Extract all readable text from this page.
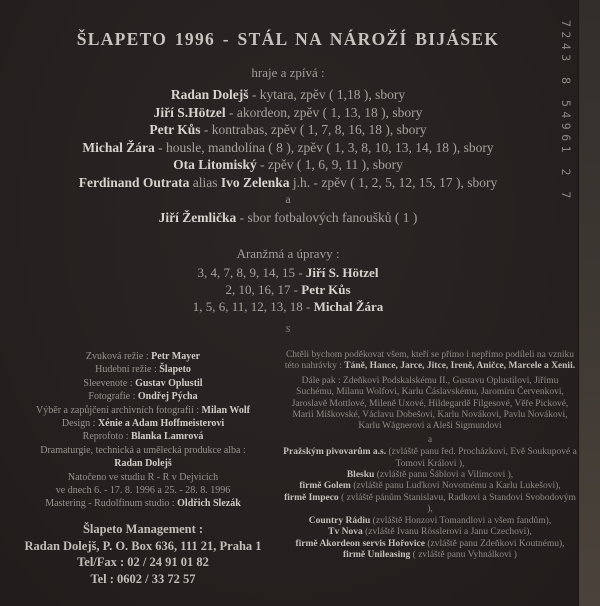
ŠLAPETO 1996 - STÁL NA NÁROŽÍ BIJÁSEK
hraje a zpívá :
Radan Dolejš - kytara, zpěv ( 1,18 ), sbory
Jiří S.Hötzel - akordeon, zpěv ( 1, 13, 18 ), sbory
Petr Kůs - kontrabas, zpěv ( 1, 7, 8, 16, 18 ), sbory
Michal Žára - housle, mandolína ( 8 ), zpěv ( 1, 3, 8, 10, 13, 14, 18 ), sbory
Ota Litomiský - zpěv ( 1, 6, 9, 11 ), sbory
Ferdinand Outrata alias Ivo Zelenka j.h. - zpěv ( 1, 2, 5, 12, 15, 17 ), sbory
a
Jiří Žemlička - sbor fotbalových fanoušků ( 1 )
Aranžmá a úpravy :
3, 4, 7, 8, 9, 14, 15 - Jiří S. Hötzel
2, 10, 16, 17 - Petr Kůs
1, 5, 6, 11, 12, 13, 18 - Michal Žára
s
Zvuková režie : Petr Mayer
Hudební režie : Šlapeto
Sleevenote : Gustav Oplustil
Fotografie : Ondřej Pýcha
Výběr a zapůjčení archivních fotografií : Milan Wolf
Design : Xénie a Adam Hoffmeisterovi
Reprofoto : Blanka Lamrová
Dramaturgie, technická a umělecká produkce alba :
Radan Dolejš
Natočeno ve studiu R - R v Dejvicích
ve dnech 6. - 17. 8. 1996 a 25. - 28. 8. 1996
Mastering - Rudolfinum studio : Oldřich Slezák
Šlapeto Management :
Radan Dolejš, P. O. Box 636, 111 21, Praha 1
Tel/Fax : 02 / 24 91 01 82
Tel : 0602 / 33 72 57
Chtěli bychom poděkovat všem, kteří se přímo i nepřímo podíleli na vzniku této nahrávky : Táně, Hance, Jarce, Jitce, Ireně, Aničce, Marcele a Xenii.
Dále pak : Zdeňkovi Podskalskému II., Gustavu Oplustilovi, Jiřímu Suchému, Milanu Wolfovi, Karlu Čáslavskému, Jaromíru Červenkovi, Jaroslavě Mottlové, Mileně Uxové, Hildegardě Filgesové, Věře Pickové, Marii Miškovské, Václavu Dobešovi, Karlu Novákovi, Pavlu Novákovi, Karlu Wágnerovi a Aleši Sigmundovi
a
Pražským pivovarům a.s. (zvláště panu řed. Procházkovi, Evě Soukupové a Tomovi Královi ),
Blesku (zvláště panu Šáblovi a Vilímcovi ),
firmě Golem (zvláště panu Luďkovi Novotnému a Karlu Lukešovi),
firmě Impeco ( zvláště pánům Stanislavu, Radkovi a Standovi Svobodovým ),
Country Rádiu (zvláště Honzovi Tomandlovi a všem fandům),
Tv Nova (zvláště Ivanu Rösslerovi a Janu Czechovi),
firmě Akordeon servis Hořovice (zvláště panu Zdeňkovi Koutnému),
firmě Unileasing ( zvláště panu Vyhnálkovi )
7243 8 54961 2 7
